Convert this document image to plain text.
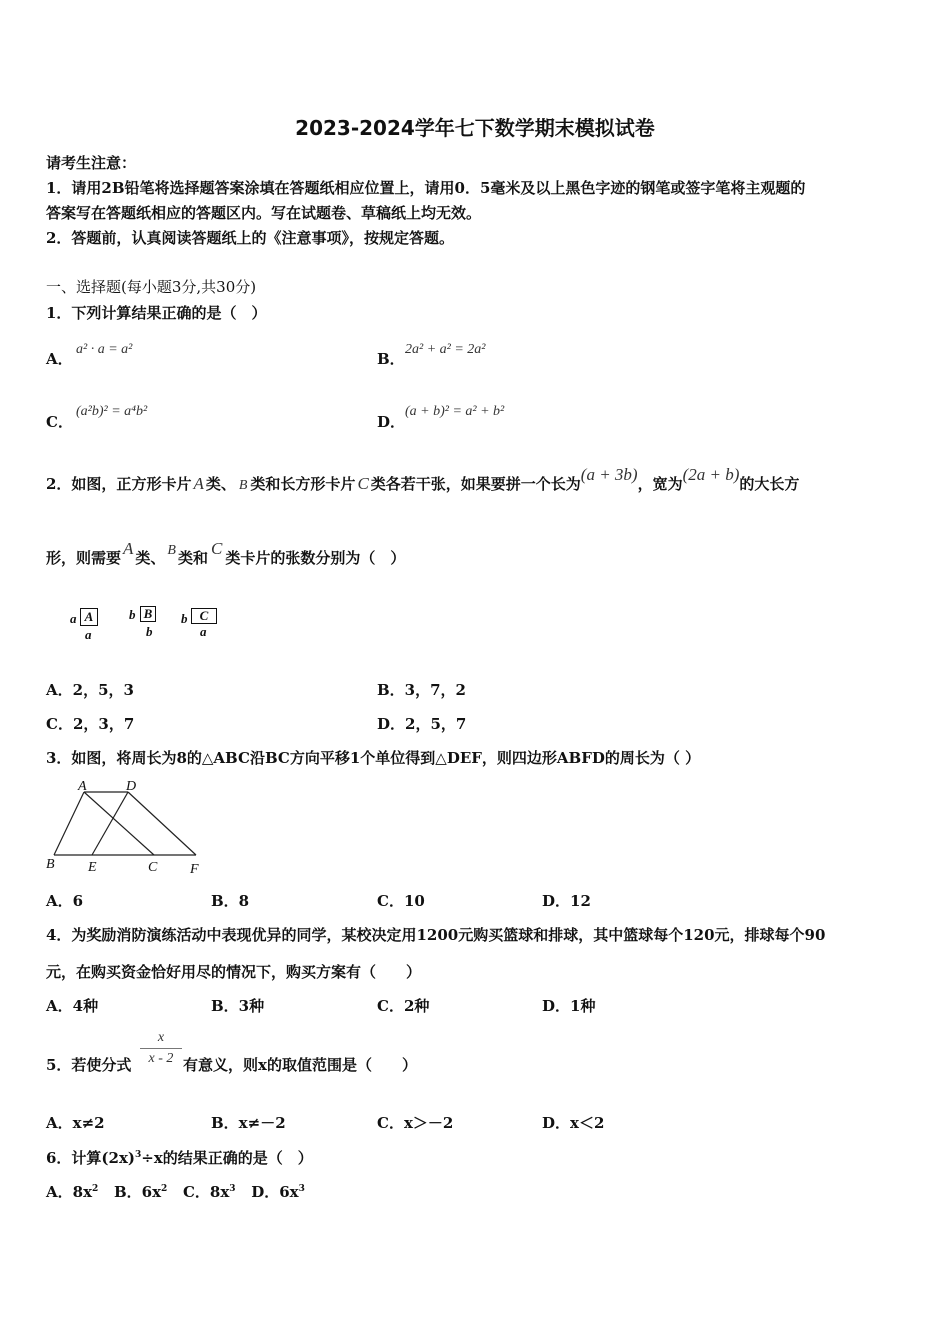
2023-2024学年七下数学期末模拟试卷
请考生注意：
1．请用2B铅笔将选择题答案涂填在答题纸相应位置上，请用0．5毫米及以上黑色字迹的钢笔或签字笔将主观题的
答案写在答题纸相应的答题区内。写在试题卷、草稿纸上均无效。
2．答题前，认真阅读答题纸上的《注意事项》，按规定答题。
一、选择题(每小题3分,共30分)
1．下列计算结果正确的是（　）
A．
a² · a = a²
B．
2a² + a² = 2a²
C．
(a²b)² = a⁴b²
D．
(a + b)² = a² + b²
2．如图，正方形卡片 A 类、 B 类和长方形卡片 C 类各若干张，如果要拼一个长为(a + 3b)，宽为(2a + b)的大长方
形，则需要 A 类、 B 类和 C 类卡片的张数分别为（　）
a A
a
b B
b
b C
a
A．2，5，3	B．3，7，2
C．2，3，7	D．2，5，7
3．如图，将周长为8的△ABC沿BC方向平移1个单位得到△DEF，则四边形ABFD的周长为（ ）
A	D
B E	C F
A．6	B．8	C．10	D．12
4．为奖励消防演练活动中表现优异的同学，某校决定用1200元购买篮球和排球，其中篮球每个120元，排球每个90
元，在购买资金恰好用尽的情况下，购买方案有（　　）
A．4种	B．3种	C．2种	D．1种
5．若使分式 $\frac{x}{x - 2}$ 有意义，则x的取值范围是（　　）
A．x≠2	B．x≠－2	C．x＞－2	D．x＜2
6．计算$(2x)^3\div x$的结果正确的是（　）
A．$8x^2$ B．$6x^2$ C．$8x^3$ D．$6x^3$
